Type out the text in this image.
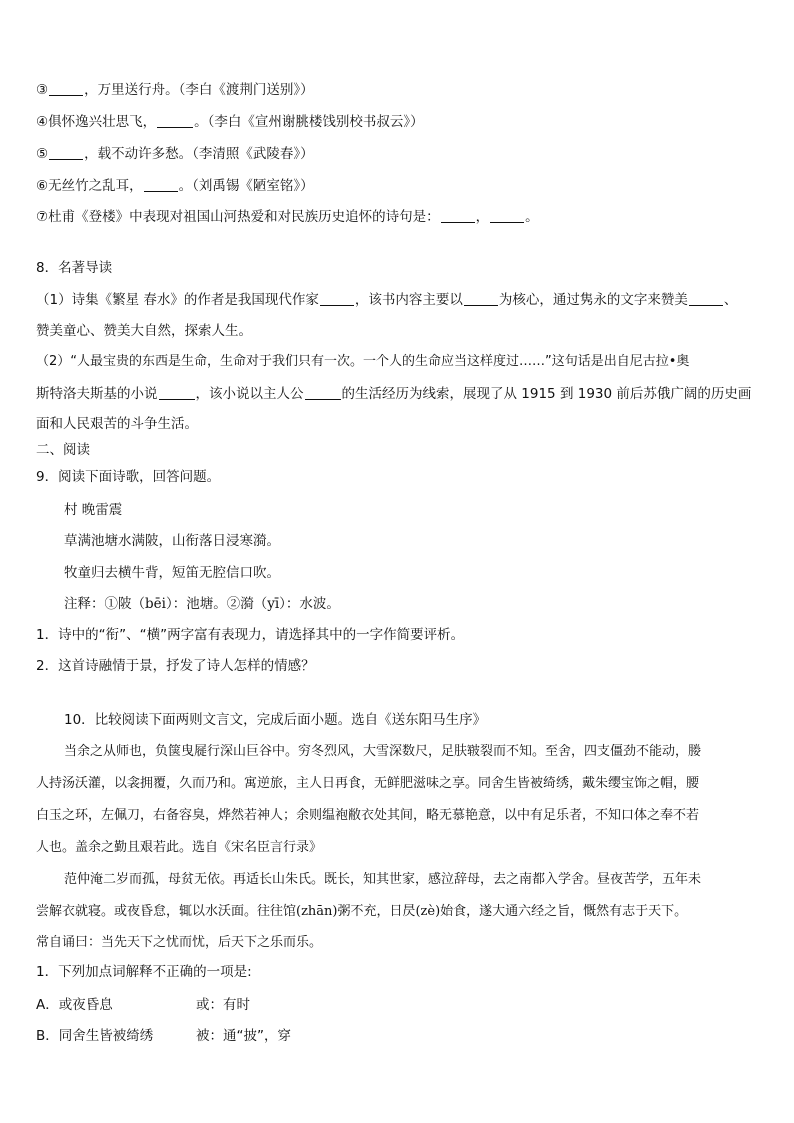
③	，万里送行舟。（李白《渡荆门送别》）
④俱怀逸兴壮思飞，	。（李白《宣州谢脁楼饯别校书叔云》）
⑤	，载不动许多愁。（李清照《武陵春》）
⑥无丝竹之乱耳，	。（刘禹锡《陋室铭》）
⑦杜甫《登楼》中表现对祖国山河热爱和对民族历史追怀的诗句是：	，	。
8．名著导读
（1）诗集《繁星 春水》的作者是我国现代作家	，该书内容主要以	为核心，通过隽永的文字来赞美	、
赞美童心、赞美大自然，探索人生。
（2）“人最宝贵的东西是生命，生命对于我们只有一次。一个人的生命应当这样度过……”这句话是出自尼古拉•奥
斯特洛夫斯基的小说	，该小说以主人公	的生活经历为线索，展现了从 1915 到 1930 前后苏俄广阔的历史画
面和人民艰苦的斗争生活。
二、阅读
9．阅读下面诗歌，回答问题。
村 晚雷震
草满池塘水满陂，山衔落日浸寒漪。
牧童归去横牛背，短笛无腔信口吹。
注释：①陂（bēi）：池塘。②漪（yī）：水波。
1．诗中的“衔”、“横”两字富有表现力，请选择其中的一字作简要评析。
2．这首诗融情于景，抒发了诗人怎样的情感？
10．比较阅读下面两则文言文，完成后面小题。选自《送东阳马生序》
当余之从师也，负箧曳屣行深山巨谷中。穷冬烈风，大雪深数尺，足肤皲裂而不知。至舍，四支僵劲不能动，媵
人持汤沃灌，以衾拥覆，久而乃和。寓逆旅，主人日再食，无鲜肥滋味之享。同舍生皆被绮绣，戴朱缨宝饰之帽，腰
白玉之环，左佩刀，右备容臭，烨然若神人；余则缊袍敝衣处其间，略无慕艳意，以中有足乐者，不知口体之奉不若
人也。盖余之勤且艰若此。选自《宋名臣言行录》
范仲淹二岁而孤，母贫无依。再适长山朱氏。既长，知其世家，感泣辞母，去之南都入学舍。昼夜苦学，五年未
尝解衣就寝。或夜昏怠，辄以水沃面。往往馆(zhān)粥不充，日昃(zè)始食，遂大通六经之旨，慨然有志于天下。
常自诵曰：当先天下之忧而忧，后天下之乐而乐。
1．下列加点词解释不正确的一项是:
A．或夜昏息	或：有时
B．同舍生皆被绮绣	被：通“披”，穿
